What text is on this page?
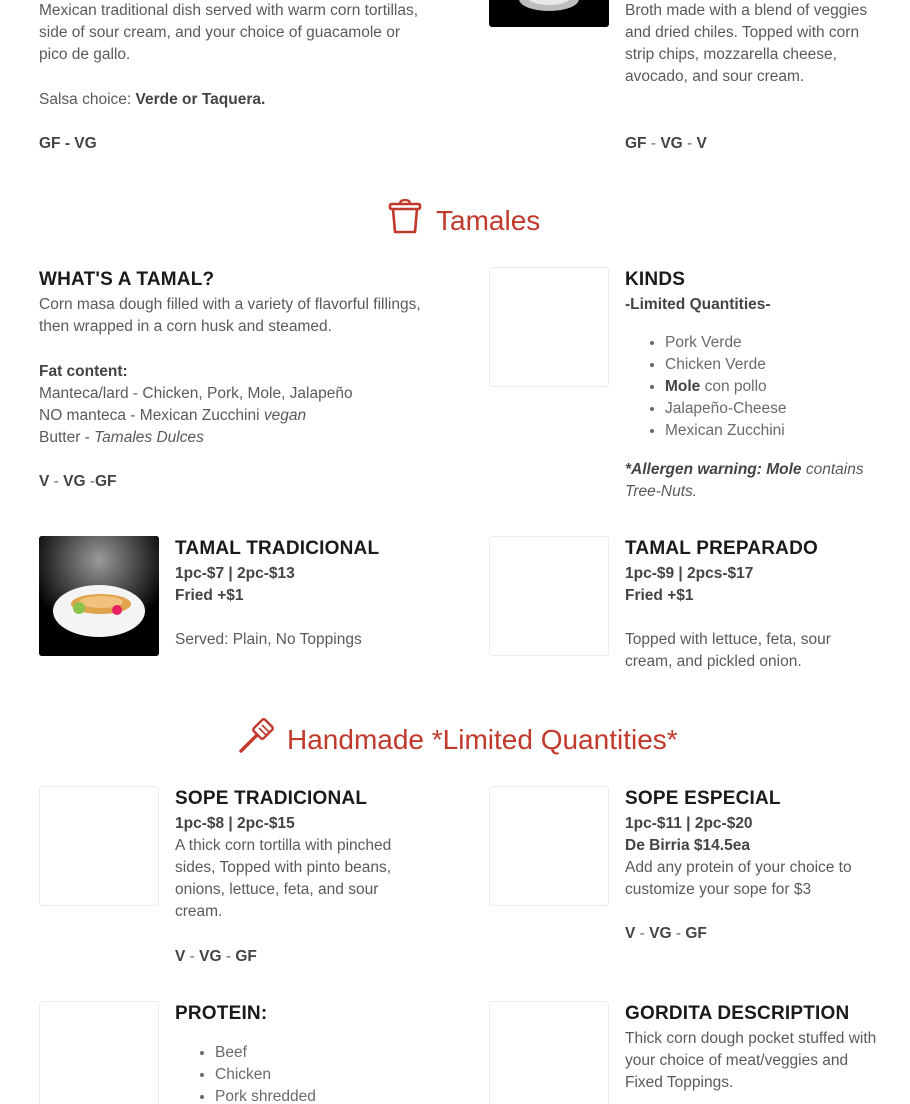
Mexican traditional dish served with warm corn tortillas, side of sour cream, and your choice of guacamole or pico de gallo.
Salsa choice: Verde or Taquera.
GF - VG
Broth made with a blend of veggies and dried chiles. Topped with corn strip chips, mozzarella cheese, avocado, and sour cream.
GF - VG - V
Tamales
WHAT'S A TAMAL?
Corn masa dough filled with a variety of flavorful fillings, then wrapped in a corn husk and steamed.
Fat content:
Manteca/lard - Chicken, Pork, Mole, Jalapeño
NO manteca - Mexican Zucchini vegan
Butter - Tamales Dulces
V - VG -GF
KINDS
-Limited Quantities-
• Pork Verde
• Chicken Verde
• Mole con pollo
• Jalapeño-Cheese
• Mexican Zucchini
*Allergen warning: Mole contains Tree-Nuts.
TAMAL TRADICIONAL
1pc-$7 | 2pc-$13
Fried +$1
Served: Plain, No Toppings
TAMAL PREPARADO
1pc-$9 | 2pcs-$17
Fried +$1
Topped with lettuce, feta, sour cream, and pickled onion.
Handmade *Limited Quantities*
SOPE TRADICIONAL
1pc-$8 | 2pc-$15
A thick corn tortilla with pinched sides, Topped with pinto beans, onions, lettuce, feta, and sour cream.
V - VG - GF
SOPE ESPECIAL
1pc-$11 | 2pc-$20
De Birria $14.5ea
Add any protein of your choice to customize your sope for $3
V - VG - GF
PROTEIN:
• Beef
• Chicken
• Pork shredded
GORDITA DESCRIPTION
Thick corn dough pocket stuffed with your choice of meat/veggies and Fixed Toppings.
